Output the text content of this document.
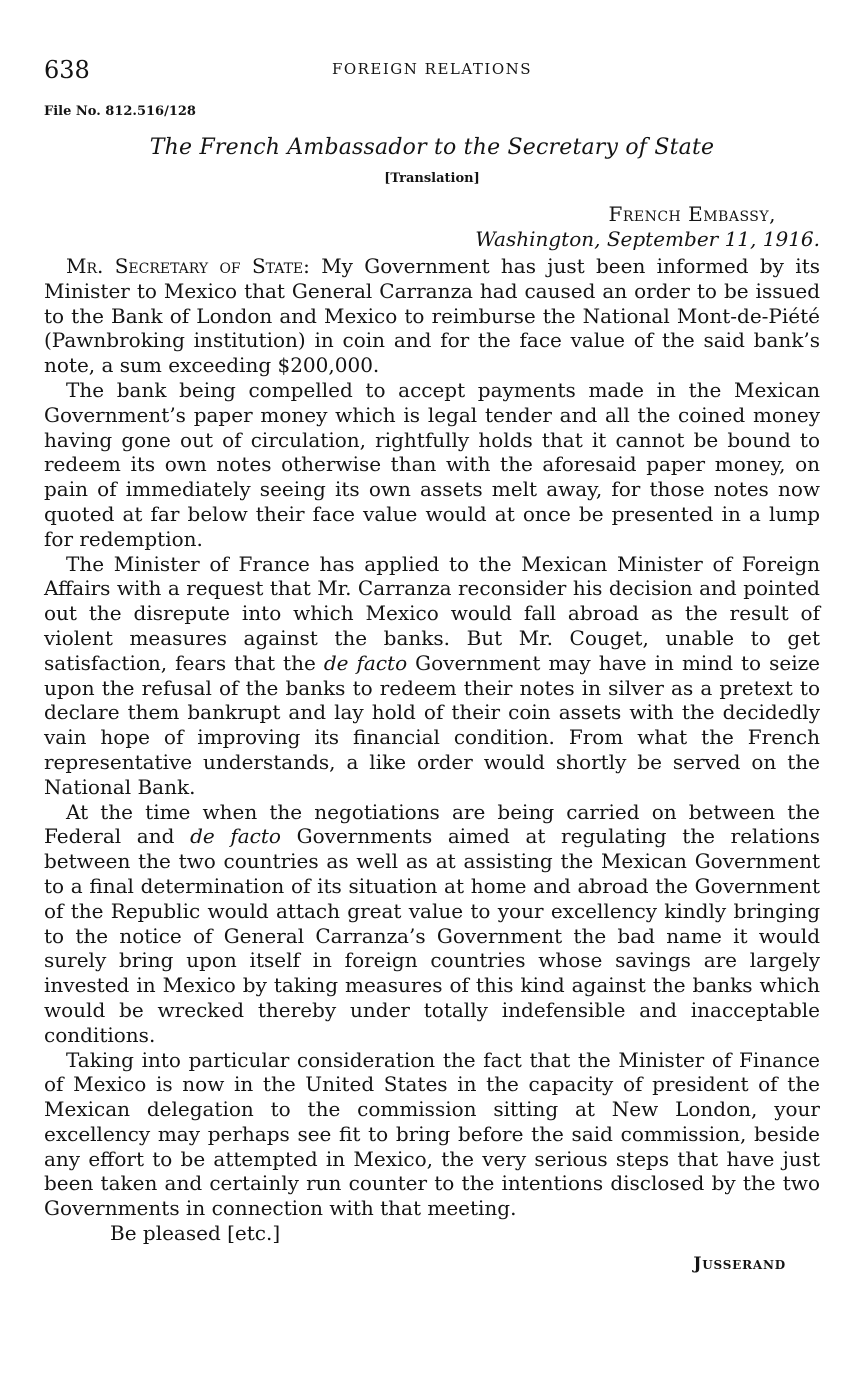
638	FOREIGN RELATIONS
File No. 812.516/128
The French Ambassador to the Secretary of State
[Translation]
French Embassy,
Washington, September 11, 1916.

Mr. Secretary of State: My Government has just been informed by its Minister to Mexico that General Carranza had caused an order to be issued to the Bank of London and Mexico to reimburse the National Mont-de-Piété (Pawnbroking institution) in coin and for the face value of the said bank’s note, a sum exceeding $200,000.

The bank being compelled to accept payments made in the Mexican Government’s paper money which is legal tender and all the coined money having gone out of circulation, rightfully holds that it cannot be bound to redeem its own notes otherwise than with the aforesaid paper money, on pain of immediately seeing its own assets melt away, for those notes now quoted at far below their face value would at once be presented in a lump for redemption.

The Minister of France has applied to the Mexican Minister of Foreign Affairs with a request that Mr. Carranza reconsider his decision and pointed out the disrepute into which Mexico would fall abroad as the result of violent measures against the banks. But Mr. Couget, unable to get satisfaction, fears that the de facto Government may have in mind to seize upon the refusal of the banks to redeem their notes in silver as a pretext to declare them bankrupt and lay hold of their coin assets with the decidedly vain hope of improving its financial condition. From what the French representative understands, a like order would shortly be served on the National Bank.

At the time when the negotiations are being carried on between the Federal and de facto Governments aimed at regulating the relations between the two countries as well as at assisting the Mexican Government to a final determination of its situation at home and abroad the Government of the Republic would attach great value to your excellency kindly bringing to the notice of General Carranza’s Government the bad name it would surely bring upon itself in foreign countries whose savings are largely invested in Mexico by taking measures of this kind against the banks which would be wrecked thereby under totally indefensible and inacceptable conditions.

Taking into particular consideration the fact that the Minister of Finance of Mexico is now in the United States in the capacity of president of the Mexican delegation to the commission sitting at New London, your excellency may perhaps see fit to bring before the said commission, beside any effort to be attempted in Mexico, the very serious steps that have just been taken and certainly run counter to the intentions disclosed by the two Governments in connection with that meeting.

Be pleased [etc.]
Jusserand
